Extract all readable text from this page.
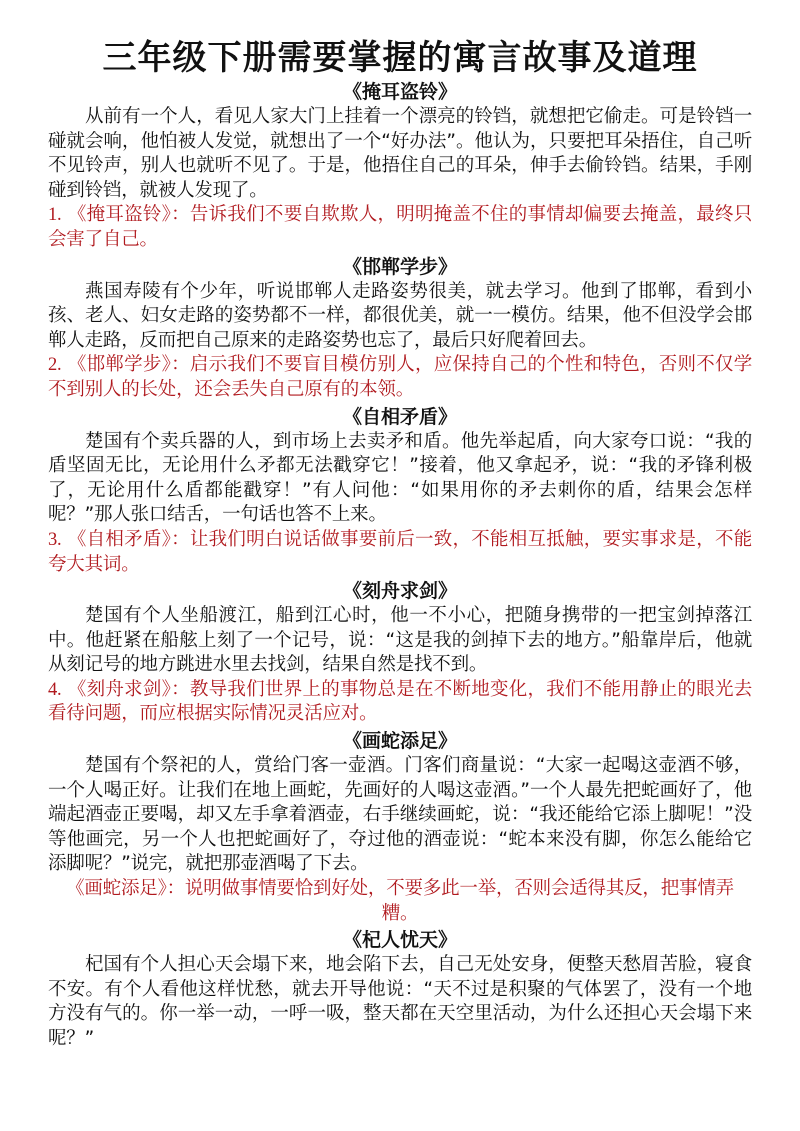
三年级下册需要掌握的寓言故事及道理
《掩耳盗铃》

从前有一个人，看见人家大门上挂着一个漂亮的铃铛，就想把它偷走。可是铃铛一碰就会响，他怕被人发觉，就想出了一个“好办法”。他认为，只要把耳朵捂住，自己听不见铃声，别人也就听不见了。于是，他捂住自己的耳朵，伸手去偷铃铛。结果，手刚碰到铃铛，就被人发现了。

1. 《掩耳盗铃》：告诉我们不要自欺欺人，明明掩盖不住的事情却偏要去掩盖，最终只会害了自己。

《邯郸学步》

燕国寿陵有个少年，听说邯郸人走路姿势很美，就去学习。他到了邯郸，看到小孩、老人、妇女走路的姿势都不一样，都很优美，就一一模仿。结果，他不但没学会邯郸人走路，反而把自己原来的走路姿势也忘了，最后只好爬着回去。

2. 《邯郸学步》：启示我们不要盲目模仿别人，应保持自己的个性和特色，否则不仅学不到别人的长处，还会丢失自己原有的本领。

《自相矛盾》

楚国有个卖兵器的人，到市场上去卖矛和盾。他先举起盾，向大家夸口说：“我的盾坚固无比，无论用什么矛都无法戳穿它！”接着，他又拿起矛，说：“我的矛锋利极了，无论用什么盾都能戳穿！”有人问他：“如果用你的矛去刺你的盾，结果会怎样呢？”那人张口结舌，一句话也答不上来。

3. 《自相矛盾》：让我们明白说话做事要前后一致，不能相互抵触，要实事求是，不能夸大其词。

《刻舟求剑》

楚国有个人坐船渡江，船到江心时，他一不小心，把随身携带的一把宝剑掉落江中。他赶紧在船舷上刻了一个记号，说：“这是我的剑掉下去的地方。”船靠岸后，他就从刻记号的地方跳进水里去找剑，结果自然是找不到。

4. 《刻舟求剑》：教导我们世界上的事物总是在不断地变化，我们不能用静止的眼光去看待问题，而应根据实际情况灵活应对。

《画蛇添足》

楚国有个祭祀的人，赏给门客一壶酒。门客们商量说：“大家一起喝这壶酒不够，一个人喝正好。让我们在地上画蛇，先画好的人喝这壶酒。”一个人最先把蛇画好了，他端起酒壶正要喝，却又左手拿着酒壶，右手继续画蛇，说：“我还能给它添上脚呢！”没等他画完，另一个人也把蛇画好了，夺过他的酒壶说：“蛇本来没有脚，你怎么能给它添脚呢？”说完，就把那壶酒喝了下去。

《画蛇添足》：说明做事情要恰到好处，不要多此一举，否则会适得其反，把事情弄糟。

《杞人忧天》

杞国有个人担心天会塌下来，地会陷下去，自己无处安身，便整天愁眉苦脸，寝食不安。有个人看他这样忧愁，就去开导他说：“天不过是积聚的气体罢了，没有一个地方没有气的。你一举一动，一呼一吸，整天都在天空里活动，为什么还担心天会塌下来呢？”
